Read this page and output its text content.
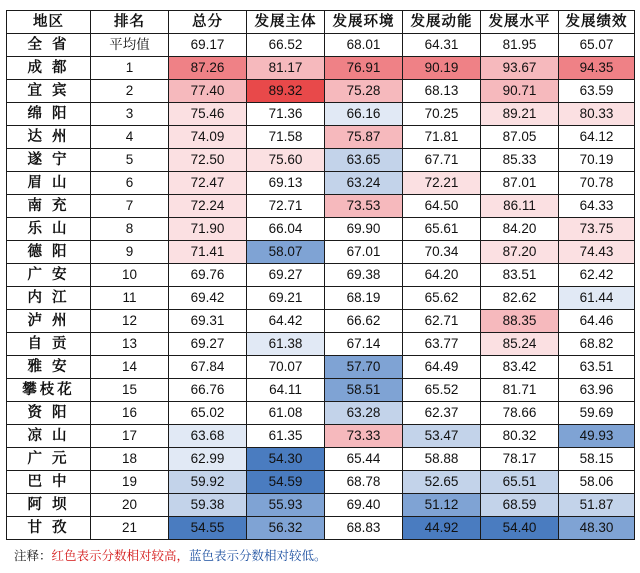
地区	排名	总分	发展主体	发展环境	发展动能	发展水平	发展绩效
全 省	平均值	69.17	66.52	68.01	64.31	81.95	65.07
成 都	1	87.26	81.17	76.91	90.19	93.67	94.35
宜 宾	2	77.40	89.32	75.28	68.13	90.71	63.59
绵 阳	3	75.46	71.36	66.16	70.25	89.21	80.33
达 州	4	74.09	71.58	75.87	71.81	87.05	64.12
遂 宁	5	72.50	75.60	63.65	67.71	85.33	70.19
眉 山	6	72.47	69.13	63.24	72.21	87.01	70.78
南 充	7	72.24	72.71	73.53	64.50	86.11	64.33
乐 山	8	71.90	66.04	69.90	65.61	84.20	73.75
德 阳	9	71.41	58.07	67.01	70.34	87.20	74.43
广 安	10	69.76	69.27	69.38	64.20	83.51	62.42
内 江	11	69.42	69.21	68.19	65.62	82.62	61.44
泸 州	12	69.31	64.42	66.62	62.71	88.35	64.46
自 贡	13	69.27	61.38	67.14	63.77	85.24	68.82
雅 安	14	67.84	70.07	57.70	64.49	83.42	63.51
攀枝花	15	66.76	64.11	58.51	65.52	81.71	63.96
资 阳	16	65.02	61.08	63.28	62.37	78.66	59.69
凉 山	17	63.68	61.35	73.33	53.47	80.32	49.93
广 元	18	62.99	54.30	65.44	58.88	78.17	58.15
巴 中	19	59.92	54.59	68.78	52.65	65.51	58.06
阿 坝	20	59.38	55.93	69.40	51.12	68.59	51.87
甘 孜	21	54.55	56.32	68.83	44.92	54.40	48.30
注释：红色表示分数相对较高，蓝色表示分数相对较低。
